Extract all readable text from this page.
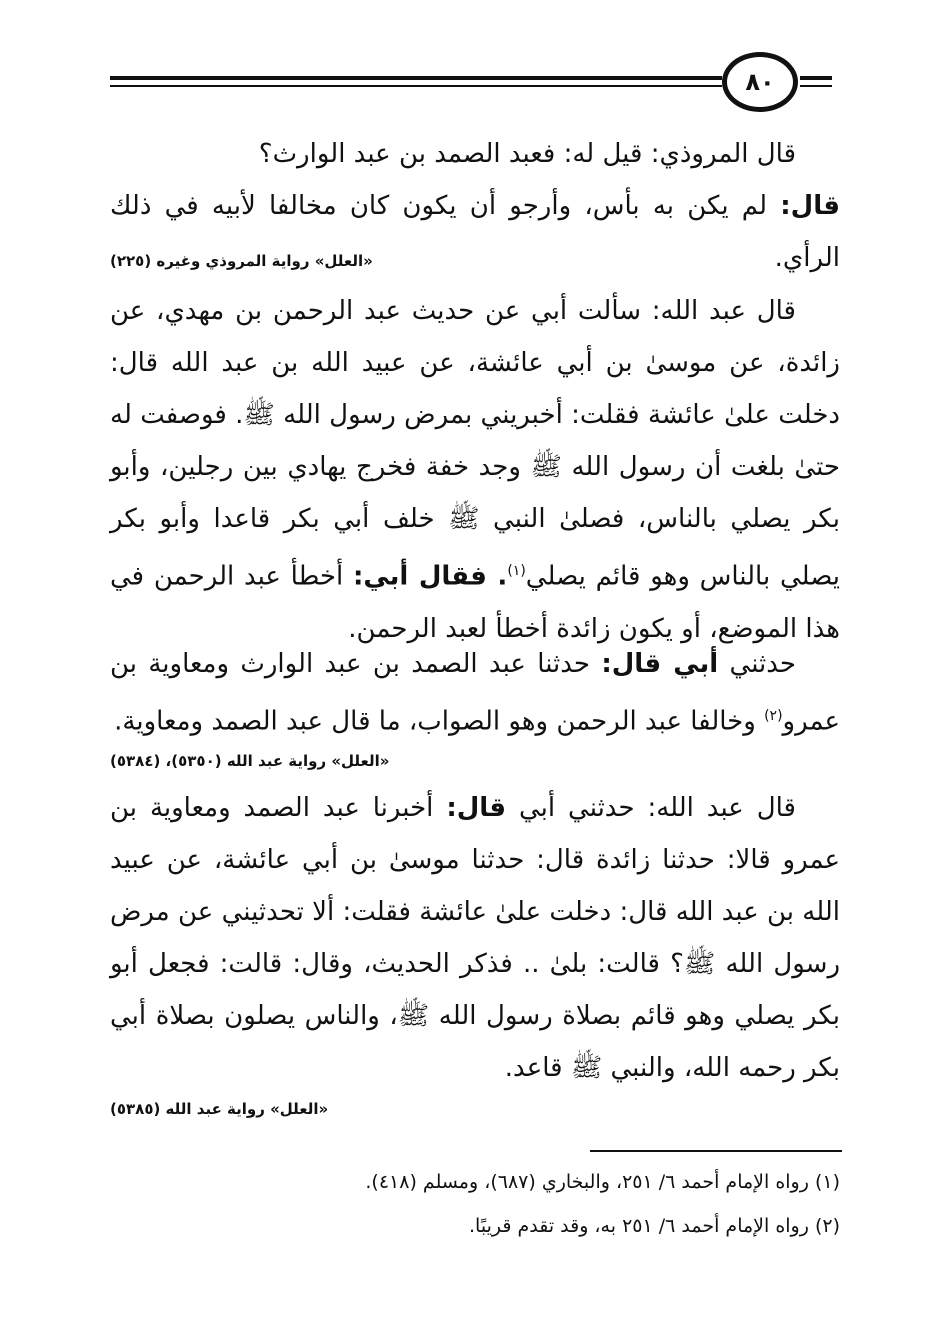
٨٠

قال المروذي: قيل له: فعبد الصمد بن عبد الوارث؟

قال: لم يكن به بأس، وأرجو أن يكون كان مخالفا لأبيه في ذلك الرأي.

«العلل» رواية المروذي وغيره (٢٢٥)

قال عبد الله: سألت أبي عن حديث عبد الرحمن بن مهدي، عن زائدة، عن موسىٰ بن أبي عائشة، عن عبيد الله بن عبد الله قال: دخلت علىٰ عائشة فقلت: أخبريني بمرض رسول الله ﷺ. فوصفت له حتىٰ بلغت أن رسول الله ﷺ وجد خفة فخرج يهادي بين رجلين، وأبو بكر يصلي بالناس، فصلىٰ النبي ﷺ خلف أبي بكر قاعدا وأبو بكر يصلي بالناس وهو قائم يصلي$^{(١)}$. فقال أبي: أخطأ عبد الرحمن في هذا الموضع، أو يكون زائدة أخطأ لعبد الرحمن.

حدثني أبي قال: حدثنا عبد الصمد بن عبد الوارث ومعاوية بن عمرو$^{(٢)}$ وخالفا عبد الرحمن وهو الصواب، ما قال عبد الصمد ومعاوية.

«العلل» رواية عبد الله (٥٣٥٠)، (٥٣٨٤)

قال عبد الله: حدثني أبي قال: أخبرنا عبد الصمد ومعاوية بن عمرو قالا: حدثنا زائدة قال: حدثنا موسىٰ بن أبي عائشة، عن عبيد الله بن عبد الله قال: دخلت علىٰ عائشة فقلت: ألا تحدثيني عن مرض رسول الله ﷺ؟ قالت: بلىٰ .. فذكر الحديث، وقال: قالت: فجعل أبو بكر يصلي وهو قائم بصلاة رسول الله ﷺ، والناس يصلون بصلاة أبي بكر رحمه الله، والنبي ﷺ قاعد.

«العلل» رواية عبد الله (٥٣٨٥)
(١) رواه الإمام أحمد ٦/ ٢٥١، والبخاري (٦٨٧)، ومسلم (٤١٨).
(٢) رواه الإمام أحمد ٦/ ٢٥١ به، وقد تقدم قريبًا.
